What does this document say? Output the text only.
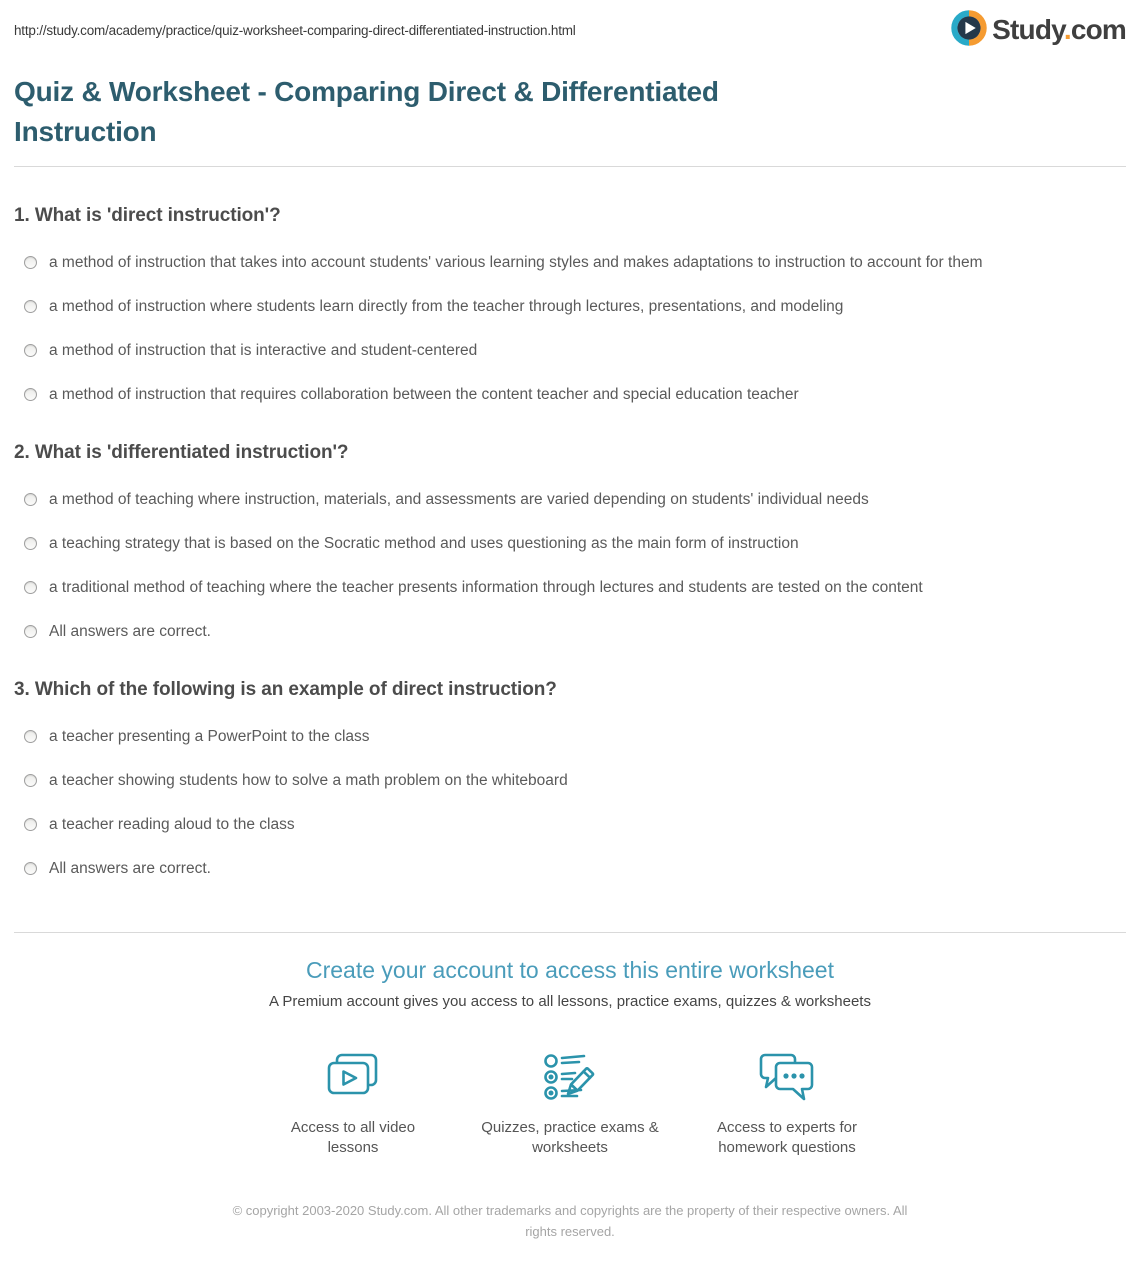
http://study.com/academy/practice/quiz-worksheet-comparing-direct-differentiated-instruction.html	Study.com
Quiz & Worksheet - Comparing Direct & Differentiated Instruction
1. What is 'direct instruction'?
a method of instruction that takes into account students' various learning styles and makes adaptations to instruction to account for them
a method of instruction where students learn directly from the teacher through lectures, presentations, and modeling
a method of instruction that is interactive and student-centered
a method of instruction that requires collaboration between the content teacher and special education teacher
2. What is 'differentiated instruction'?
a method of teaching where instruction, materials, and assessments are varied depending on students' individual needs
a teaching strategy that is based on the Socratic method and uses questioning as the main form of instruction
a traditional method of teaching where the teacher presents information through lectures and students are tested on the content
All answers are correct.
3. Which of the following is an example of direct instruction?
a teacher presenting a PowerPoint to the class
a teacher showing students how to solve a math problem on the whiteboard
a teacher reading aloud to the class
All answers are correct.
Create your account to access this entire worksheet

A Premium account gives you access to all lessons, practice exams, quizzes & worksheets

Access to all video lessons
Quizzes, practice exams & worksheets
Access to experts for homework questions
© copyright 2003-2020 Study.com. All other trademarks and copyrights are the property of their respective owners. All rights reserved.
